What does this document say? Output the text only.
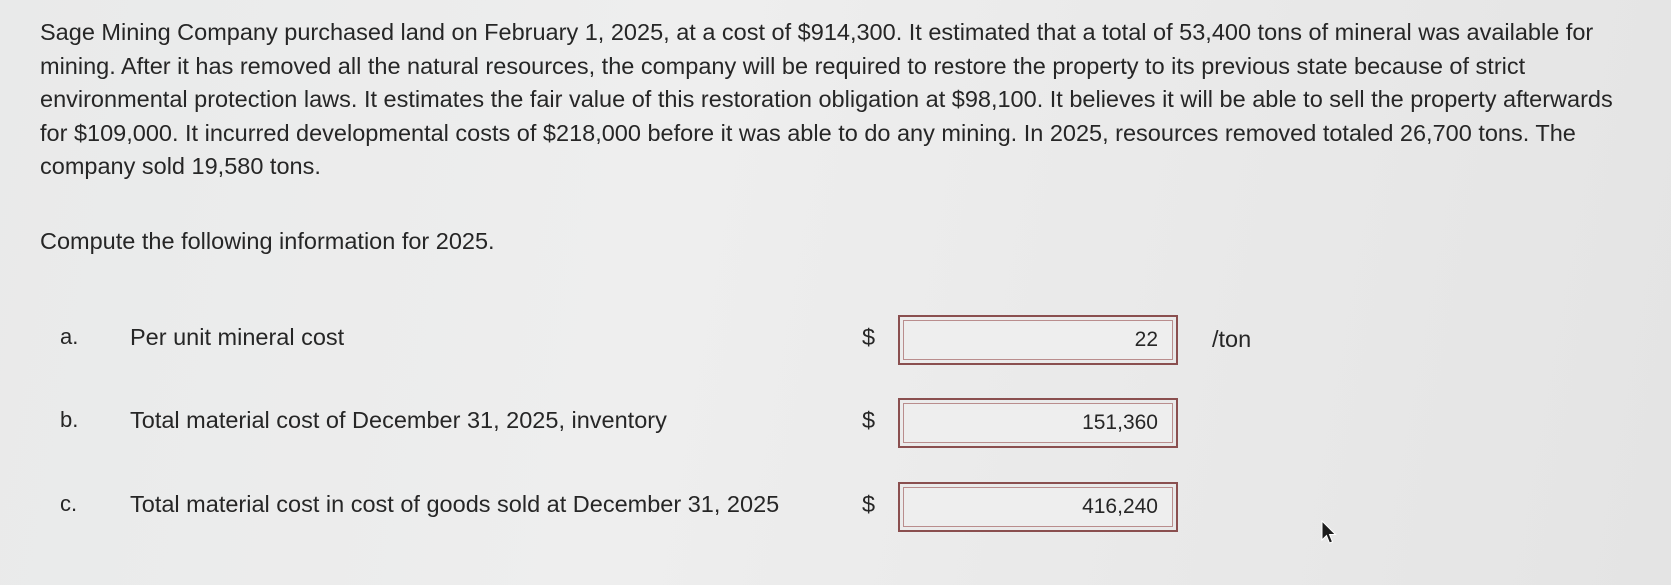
Sage Mining Company purchased land on February 1, 2025, at a cost of $914,300. It estimated that a total of 53,400 tons of mineral was available for mining. After it has removed all the natural resources, the company will be required to restore the property to its previous state because of strict environmental protection laws. It estimates the fair value of this restoration obligation at $98,100. It believes it will be able to sell the property afterwards for $109,000. It incurred developmental costs of $218,000 before it was able to do any mining. In 2025, resources removed totaled 26,700 tons. The company sold 19,580 tons.

Compute the following information for 2025.

a. Per unit mineral cost	$
22	/ton
b. Total material cost of December 31, 2025, inventory	$
151,360
c. Total material cost in cost of goods sold at December 31, 2025	$
416,240
